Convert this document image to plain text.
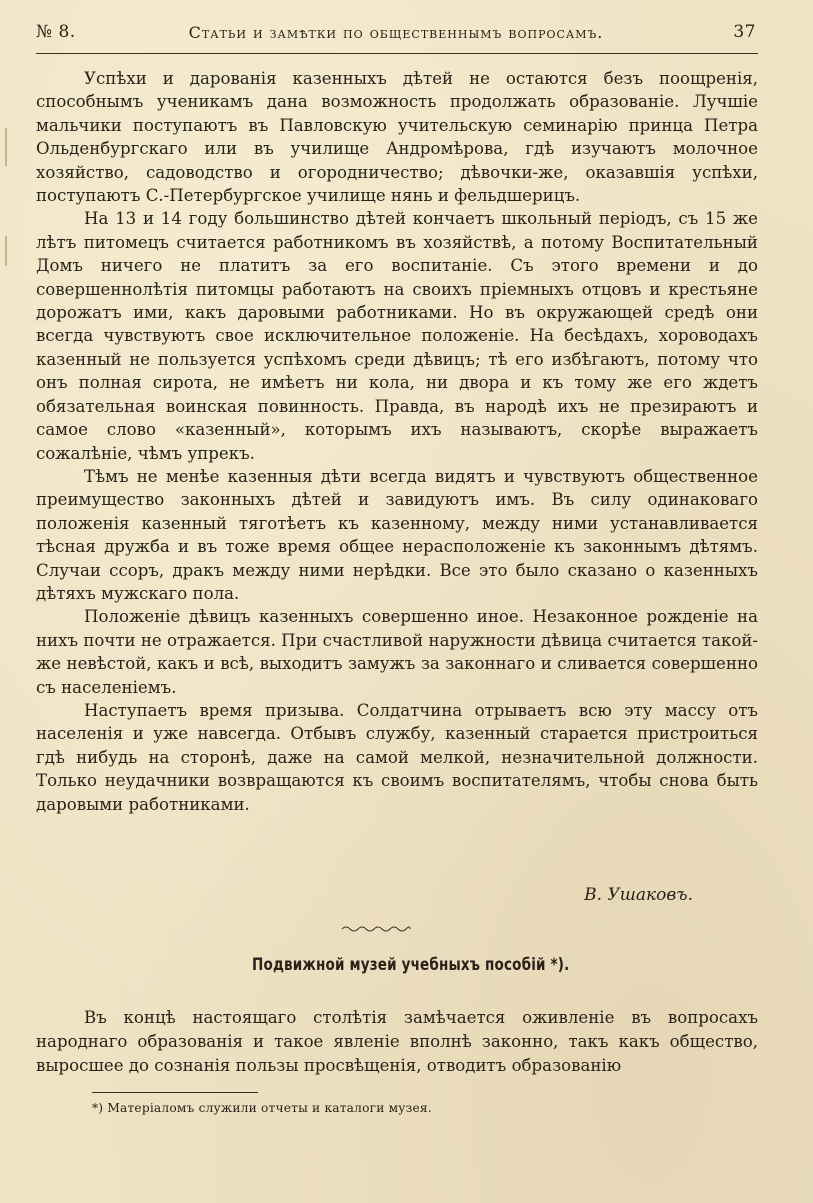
№ 8.	Статьи и замѣтки по общественнымъ вопросамъ.	37

Успѣхи и дарованія казенныхъ дѣтей не остаются безъ поощренія, способнымъ ученикамъ дана возможность продолжать образованіе. Лучшіе мальчики поступаютъ въ Павловскую учительскую семинарію принца Петра Ольденбургскаго или въ училище Андромѣрова, гдѣ изучаютъ молочное хозяйство, садоводство и огородничество; дѣвочки-же, оказавшія успѣхи, поступаютъ С.-Петербургское училище нянь и фельдшерицъ.

На 13 и 14 году большинство дѣтей кончаетъ школьный періодъ, съ 15 же лѣтъ питомецъ считается работникомъ въ хозяйствѣ, а потому Воспитательный Домъ ничего не платитъ за его воспитаніе. Съ этого времени и до совершеннолѣтія питомцы работаютъ на своихъ пріемныхъ отцовъ и крестьяне дорожатъ ими, какъ даровыми работниками. Но въ окружающей средѣ они всегда чувствуютъ свое исключительное положеніе. На бесѣдахъ, хороводахъ казенный не пользуется успѣхомъ среди дѣвицъ; тѣ его избѣгаютъ, потому что онъ полная сирота, не имѣетъ ни кола, ни двора и къ тому же его ждетъ обязательная воинская повинность. Правда, въ народѣ ихъ не презираютъ и самое слово «казенный», которымъ ихъ называютъ, скорѣе выражаетъ сожалѣніе, чѣмъ упрекъ.

Тѣмъ не менѣе казенныя дѣти всегда видятъ и чувствуютъ общественное преимущество законныхъ дѣтей и завидуютъ имъ. Въ силу одинаковаго положенія казенный тяготѣетъ къ казенному, между ними устанавливается тѣсная дружба и въ тоже время общее нерасположеніе къ законнымъ дѣтямъ. Случаи ссоръ, дракъ между ними нерѣдки. Все это было сказано о казенныхъ дѣтяхъ мужскаго пола.

Положеніе дѣвицъ казенныхъ совершенно иное. Незаконное рожденіе на нихъ почти не отражается. При счастливой наружности дѣвица считается такой-же невѣстой, какъ и всѣ, выходитъ замужъ за законнаго и сливается совершенно съ населеніемъ.

Наступаетъ время призыва. Солдатчина отрываетъ всю эту массу отъ населенія и уже навсегда. Отбывъ службу, казенный старается пристроиться гдѣ нибудь на сторонѣ, даже на самой мелкой, незначительной должности. Только неудачники возвращаются къ своимъ воспитателямъ, чтобы снова быть даровыми работниками.

В. Ушаковъ.
Подвижной музей учебныхъ пособій *).

Въ концѣ настоящаго столѣтія замѣчается оживленіе въ вопросахъ народнаго образованія и такое явленіе вполнѣ законно, такъ какъ общество, выросшее до сознанія пользы просвѣщенія, отводитъ образованію

*) Матеріаломъ служили отчеты и каталоги музея.
